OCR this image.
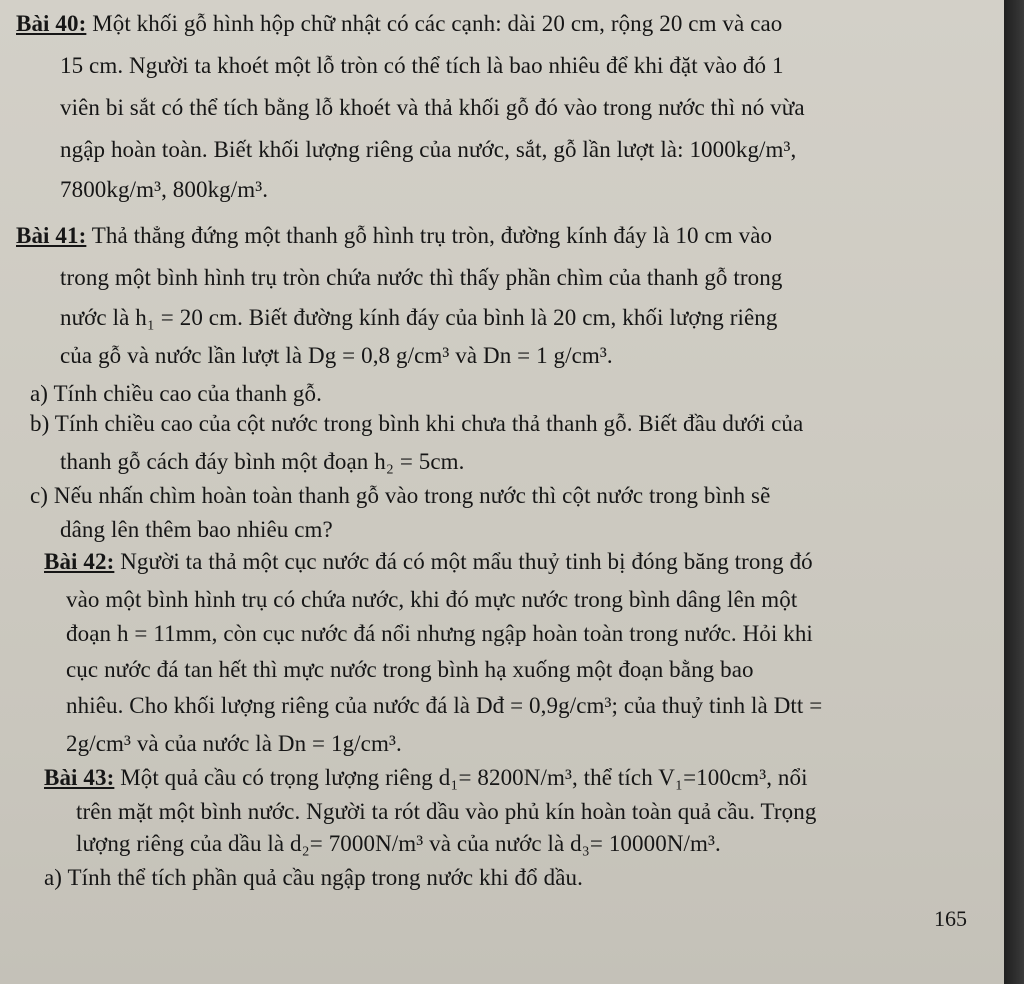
Bài 40: Một khối gỗ hình hộp chữ nhật có các cạnh: dài 20 cm, rộng 20 cm và cao
15 cm. Người ta khoét một lỗ tròn có thể tích là bao nhiêu để khi đặt vào đó 1
viên bi sắt có thể tích bằng lỗ khoét và thả khối gỗ đó vào trong nước thì nó vừa
ngập hoàn toàn. Biết khối lượng riêng của nước, sắt, gỗ lần lượt là: 1000kg/m³,
7800kg/m³, 800kg/m³.
Bài 41: Thả thẳng đứng một thanh gỗ hình trụ tròn, đường kính đáy là 10 cm vào
trong một bình hình trụ tròn chứa nước thì thấy phần chìm của thanh gỗ trong
nước là h₁ = 20 cm. Biết đường kính đáy của bình là 20 cm, khối lượng riêng
của gỗ và nước lần lượt là Dg = 0,8 g/cm³ và Dn = 1 g/cm³.
a) Tính chiều cao của thanh gỗ.
b) Tính chiều cao của cột nước trong bình khi chưa thả thanh gỗ. Biết đầu dưới của
thanh gỗ cách đáy bình một đoạn h₂ = 5cm.
c) Nếu nhấn chìm hoàn toàn thanh gỗ vào trong nước thì cột nước trong bình sẽ
dâng lên thêm bao nhiêu cm?
Bài 42: Người ta thả một cục nước đá có một mẩu thuỷ tinh bị đóng băng trong đó
vào một bình hình trụ có chứa nước, khi đó mực nước trong bình dâng lên một
đoạn h = 11mm, còn cục nước đá nổi nhưng ngập hoàn toàn trong nước. Hỏi khi
cục nước đá tan hết thì mực nước trong bình hạ xuống một đoạn bằng bao
nhiêu. Cho khối lượng riêng của nước đá là Dđ = 0,9g/cm³; của thuỷ tinh là Dtt =
2g/cm³ và của nước là Dn = 1g/cm³.
Bài 43: Một quả cầu có trọng lượng riêng d₁= 8200N/m³, thể tích V₁=100cm³, nổi
trên mặt một bình nước. Người ta rót dầu vào phủ kín hoàn toàn quả cầu. Trọng
lượng riêng của dầu là d₂= 7000N/m³ và của nước là d₃= 10000N/m³.
a) Tính thể tích phần quả cầu ngập trong nước khi đổ dầu.
165
